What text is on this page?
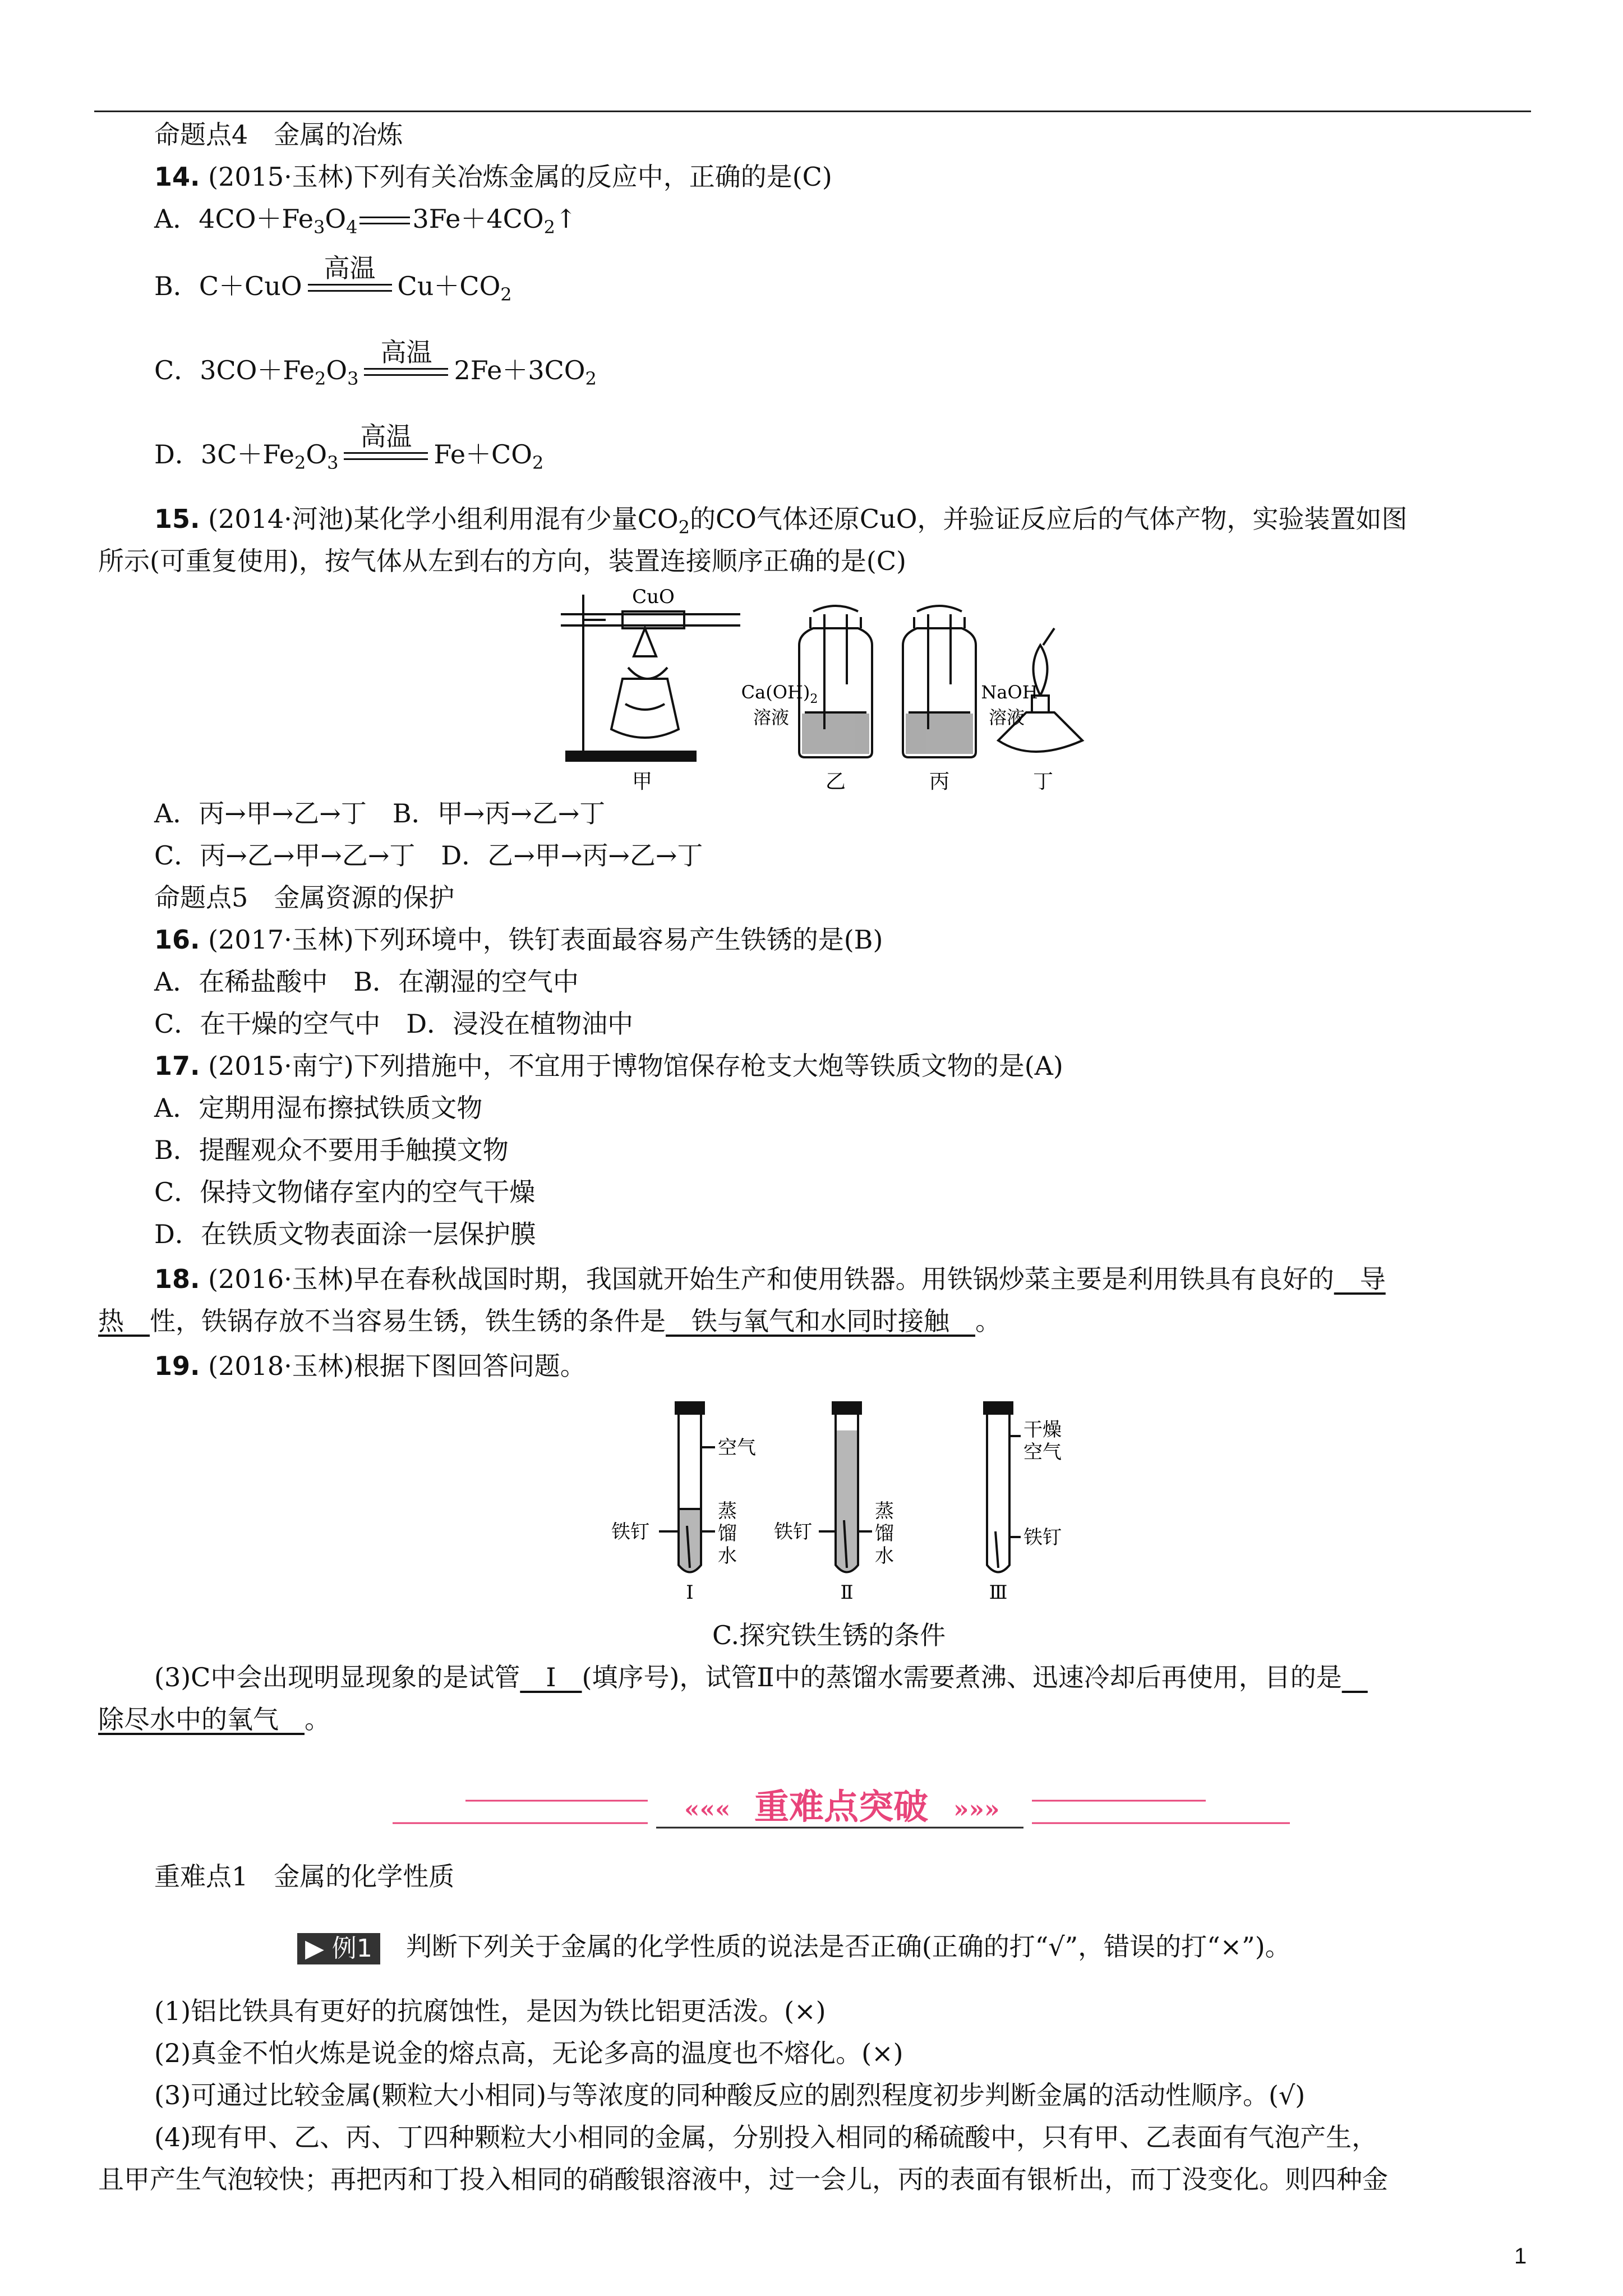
命题点4　 金属的冶炼
14. (2015·玉林)下列有关冶炼金属的反应中，正确的是(C)
A．$4CO+Fe_3O_4$ $3Fe+4CO_2↑$
B．C＋CuO
高温
$Cu+CO_2$
C．$3CO+Fe_2O_3$
高温
$2Fe+3CO_2$
D．$3C+Fe_2O_3$
高温
$Fe+CO_2$
15. (2014·河池)某化学小组利用混有少量$CO_2$的CO气体还原CuO，并验证反应后的气体产物，实验装置如图
所示(可重复使用)，按气体从左到右的方向，装置连接顺序正确的是(C)
CuO
$Ca(OH)_2$
溶液
NaOH
溶液
甲	乙	丙	丁
A．丙→甲→乙→丁　B．甲→丙→乙→丁
C．丙→乙→甲→乙→丁　D．乙→甲→丙→乙→丁
命题点5　 金属资源的保护
16. (2017·玉林)下列环境中，铁钉表面最容易产生铁锈的是(B)
A．在稀盐酸中　B．在潮湿的空气中
C．在干燥的空气中　D．浸没在植物油中
17. (2015·南宁)下列措施中，不宜用于博物馆保存枪支大炮等铁质文物的是(A)
A．定期用湿布擦拭铁质文物
B．提醒观众不要用手触摸文物
C．保持文物储存室内的空气干燥
D．在铁质文物表面涂一层保护膜
18. (2016·玉林)早在春秋战国时期，我国就开始生产和使用铁器。用铁锅炒菜主要是利用铁具有良好的__导
热__性，铁锅存放不当容易生锈，铁生锈的条件是__铁与氧气和水同时接触__。
19. (2018·玉林)根据下图回答问题。
空气
铁钉
蒸
馏
水
铁钉
蒸
馏
水
干燥
空气
铁钉
Ⅰ	Ⅱ	Ⅲ
C.探究铁生锈的条件
(3)C中会出现明显现象的是试管__Ⅰ__(填序号)，试管Ⅱ中的蒸馏水需要煮沸、迅速冷却后再使用，目的是__
除尽水中的氧气__。
««« 重难点突破 »»»
重难点1　 金属的化学性质
▶ 例1 判断下列关于金属的化学性质的说法是否正确(正确的打“√”，错误的打“×”)。
(1)铝比铁具有更好的抗腐蚀性，是因为铁比铝更活泼。(×)
(2)真金不怕火炼是说金的熔点高，无论多高的温度也不熔化。(×)
(3)可通过比较金属(颗粒大小相同)与等浓度的同种酸反应的剧烈程度初步判断金属的活动性顺序。(√)
(4)现有甲、乙、丙、丁四种颗粒大小相同的金属，分别投入相同的稀硫酸中，只有甲、乙表面有气泡产生，
且甲产生气泡较快；再把丙和丁投入相同的硝酸银溶液中，过一会儿，丙的表面有银析出，而丁没变化。则四种金
1
